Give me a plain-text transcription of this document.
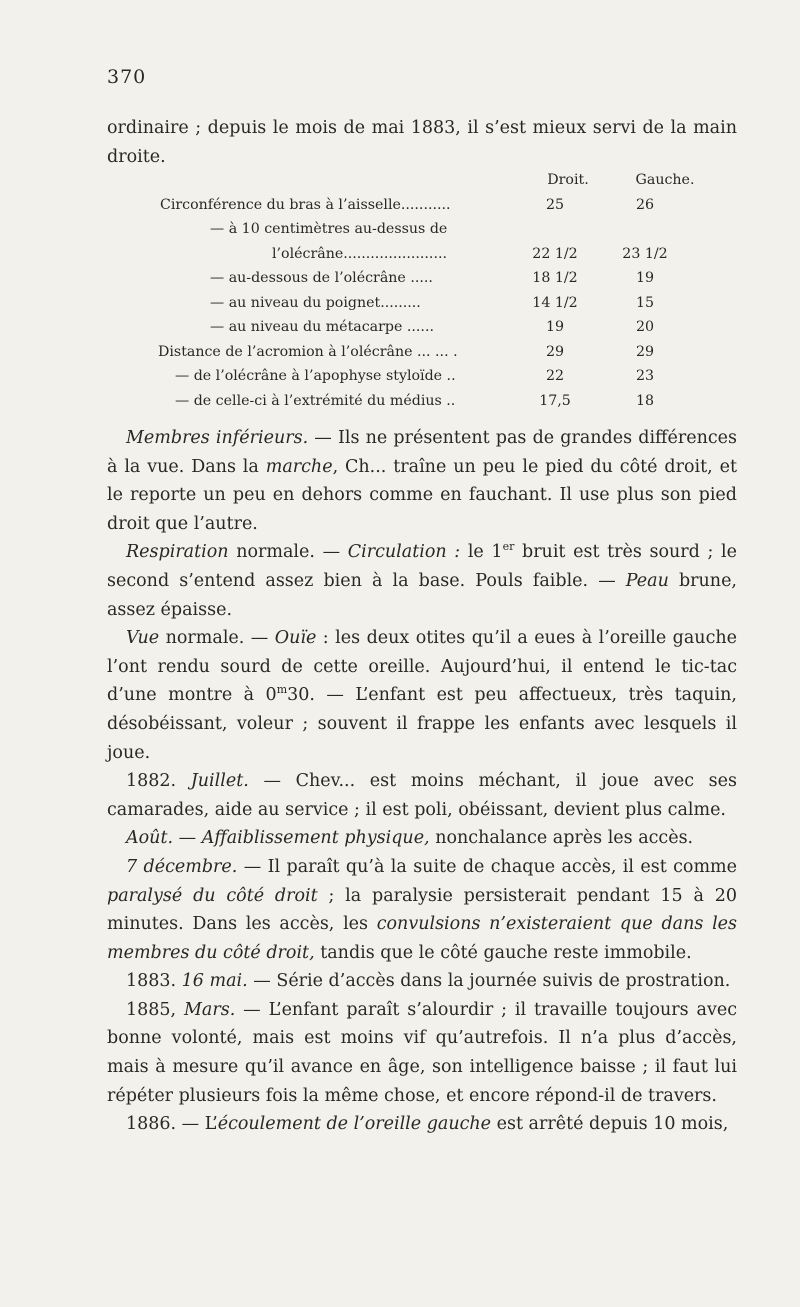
370

ordinaire ; depuis le mois de mai 1883, il s’est mieux servi de la main droite.

Droit.	Gauche.
Circonférence du bras à l’aisselle...........	25	26
— à 10 centimètres au-dessus de
l’olécrâne.......................	22 1/2	23 1/2
— au-dessous de l’olécrâne .....	18 1/2	19
— au niveau du poignet.........	14 1/2	15
— au niveau du métacarpe ......	19	20
Distance de l’acromion à l’olécrâne ... ... .	29	29
— de l’olécrâne à l’apophyse styloïde ..	22	23
— de celle-ci à l’extrémité du médius ..	17,5	18

Membres inférieurs. — Ils ne présentent pas de grandes différences à la vue. Dans la marche, Ch... traîne un peu le pied du côté droit, et le reporte un peu en dehors comme en fauchant. Il use plus son pied droit que l’autre.

Respiration normale. — Circulation : le 1er bruit est très sourd ; le second s’entend assez bien à la base. Pouls faible. — Peau brune, assez épaisse.

Vue normale. — Ouïe : les deux otites qu’il a eues à l’oreille gauche l’ont rendu sourd de cette oreille. Aujourd’hui, il entend le tic-tac d’une montre à 0$^m$30. — L’enfant est peu affectueux, très taquin, désobéissant, voleur ; souvent il frappe les enfants avec lesquels il joue.

1882. Juillet. — Chev... est moins méchant, il joue avec ses camarades, aide au service ; il est poli, obéissant, devient plus calme.

Août. — Affaiblissement physique, nonchalance après les accès.

7 décembre. — Il paraît qu’à la suite de chaque accès, il est comme paralysé du côté droit ; la paralysie persisterait pendant 15 à 20 minutes. Dans les accès, les convulsions n’existeraient que dans les membres du côté droit, tandis que le côté gauche reste immobile.

1883. 16 mai. — Série d’accès dans la journée suivis de prostration.

1885, Mars. — L’enfant paraît s’alourdir ; il travaille toujours avec bonne volonté, mais est moins vif qu’autrefois. Il n’a plus d’accès, mais à mesure qu’il avance en âge, son intelligence baisse ; il faut lui répéter plusieurs fois la même chose, et encore répond-il de travers.

1886. — L’écoulement de l’oreille gauche est arrêté depuis 10 mois,
